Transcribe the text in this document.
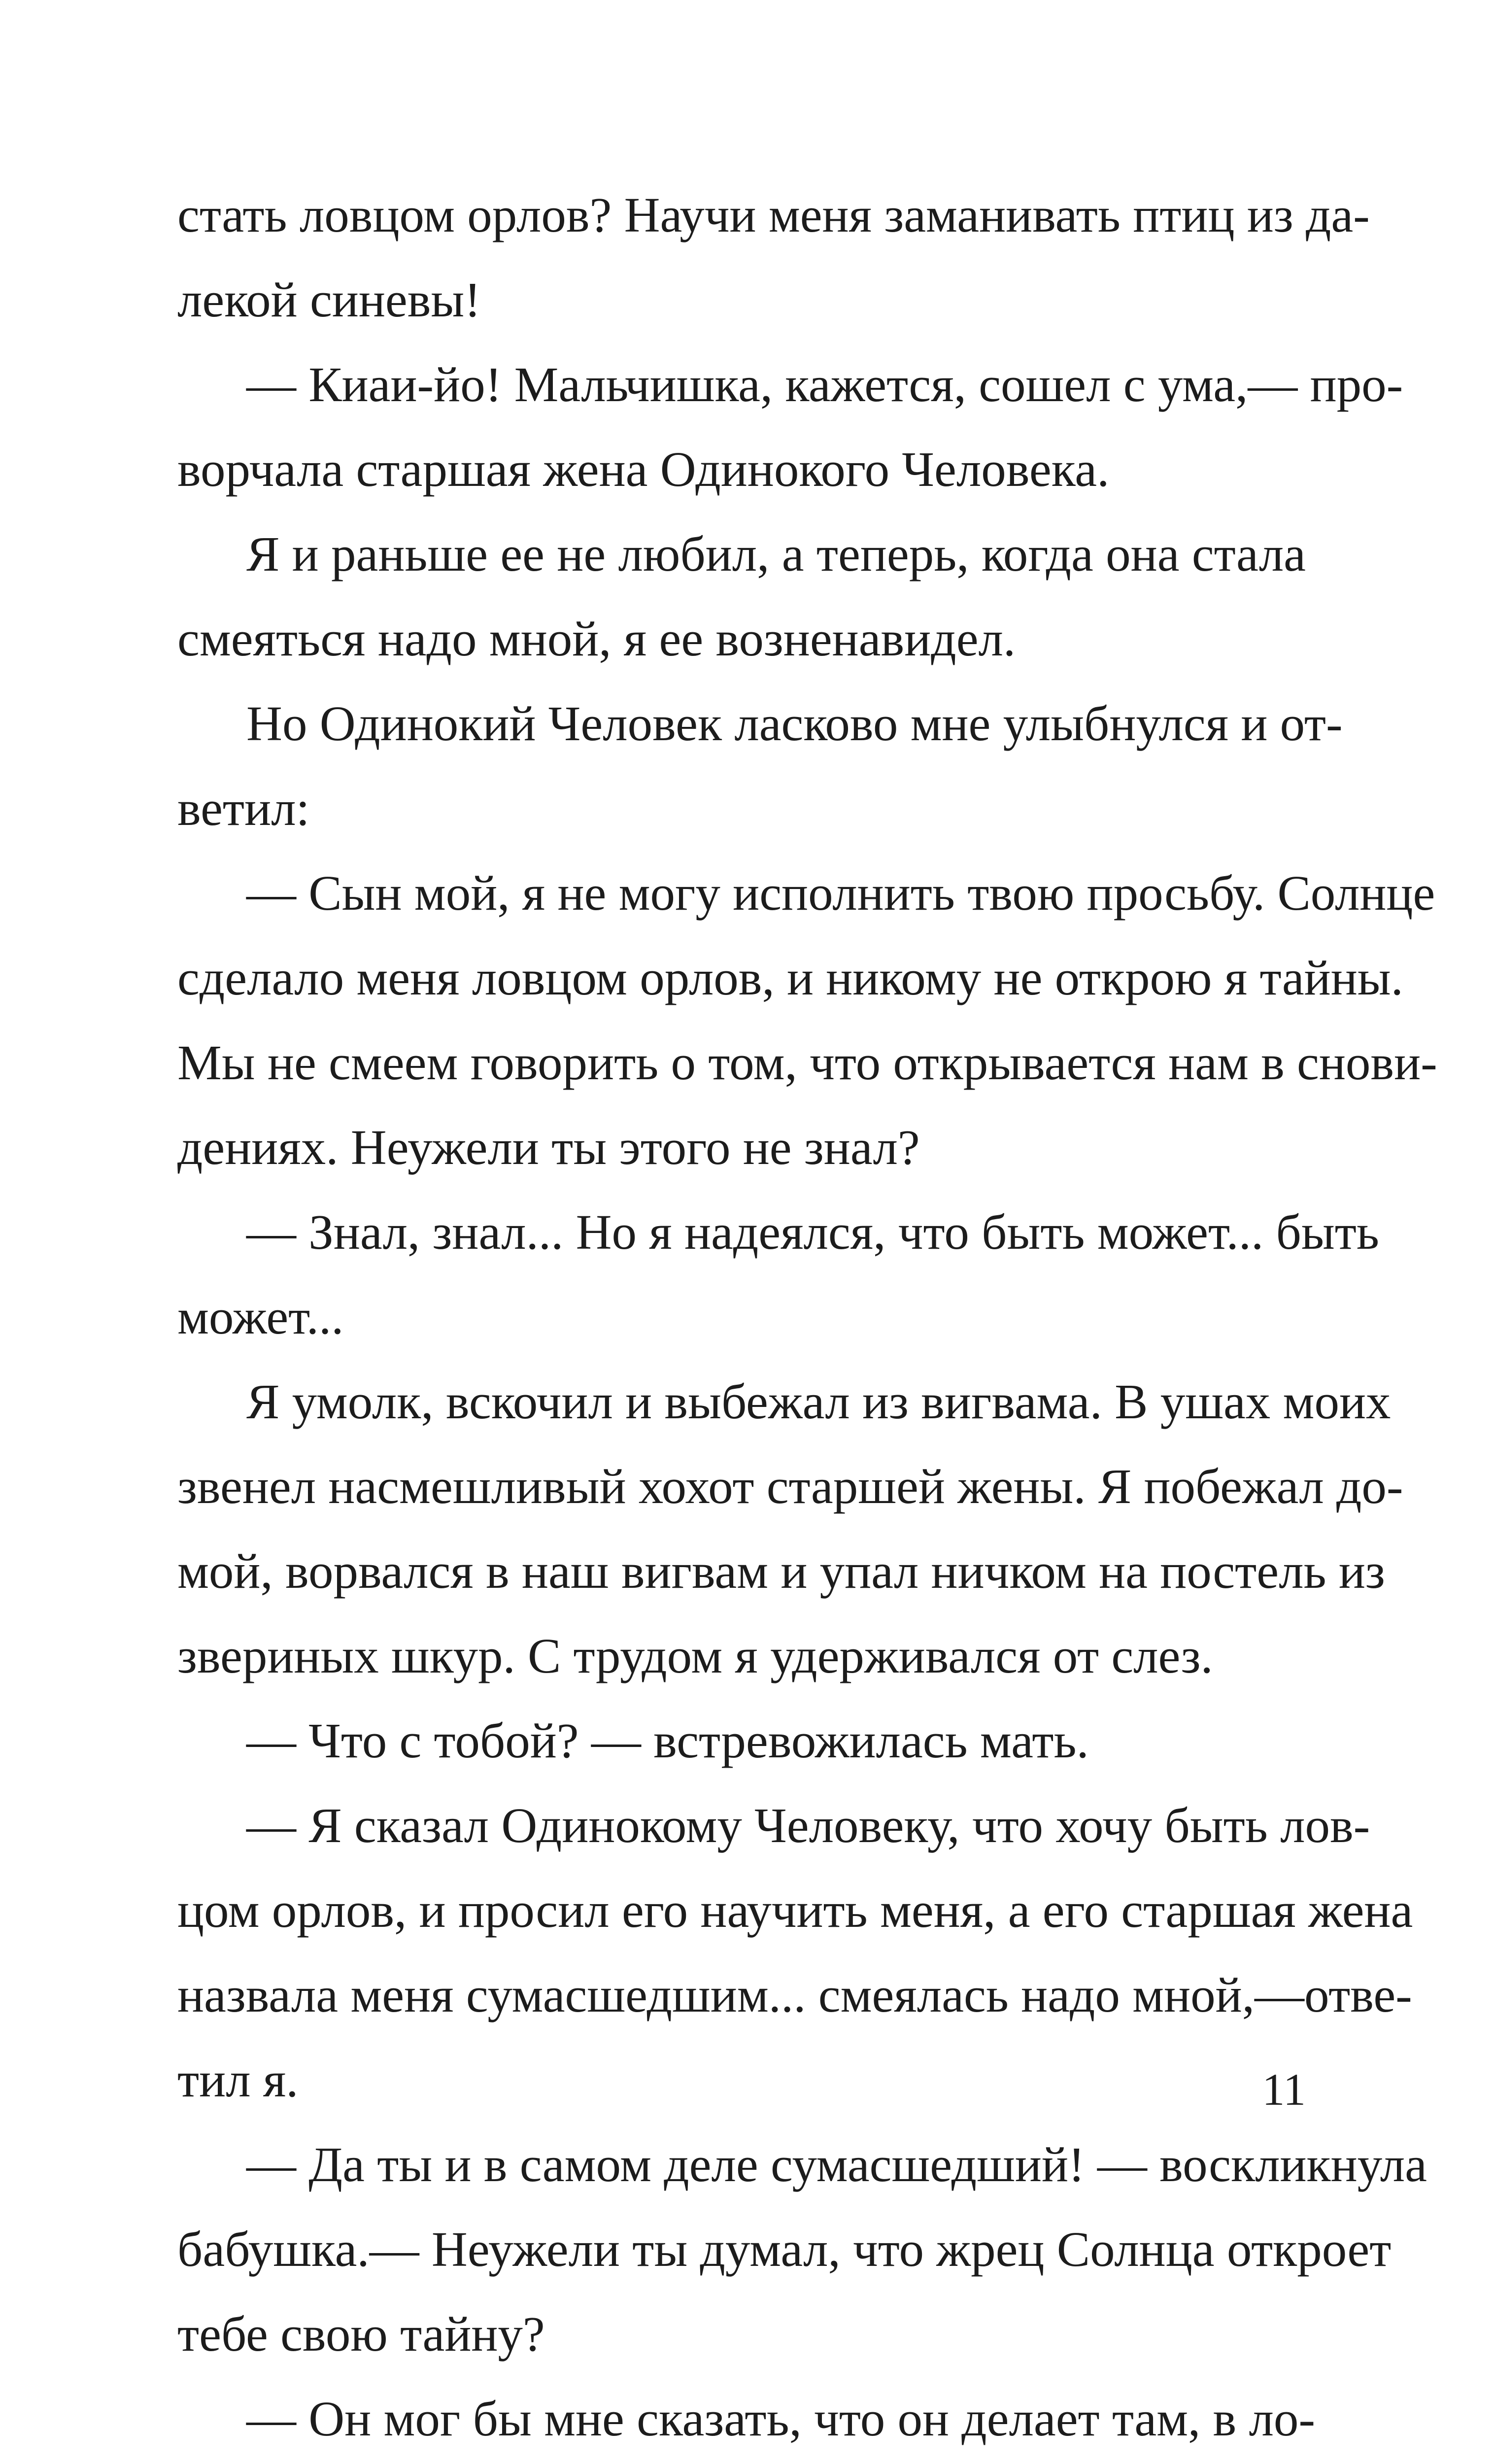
стать ловцом орлов? Научи меня заманивать птиц из да-
лекой синевы!
— Киаи-йо! Мальчишка, кажется, сошел с ума,— про-
ворчала старшая жена Одинокого Человека.
Я и раньше ее не любил, а теперь, когда она стала
смеяться надо мной, я ее возненавидел.
Но Одинокий Человек ласково мне улыбнулся и от-
ветил:
— Сын мой, я не могу исполнить твою просьбу. Солнце
сделало меня ловцом орлов, и никому не открою я тайны.
Мы не смеем говорить о том, что открывается нам в снови-
дениях. Неужели ты этого не знал?
— Знал, знал... Но я надеялся, что быть может... быть
может...
Я умолк, вскочил и выбежал из вигвама. В ушах моих
звенел насмешливый хохот старшей жены. Я побежал до-
мой, ворвался в наш вигвам и упал ничком на постель из
звериных шкур. С трудом я удерживался от слез.
— Что с тобой? — встревожилась мать.
— Я сказал Одинокому Человеку, что хочу быть лов-
цом орлов, и просил его научить меня, а его старшая жена
назвала меня сумасшедшим... смеялась надо мной,—отве-
тил я.
— Да ты и в самом деле сумасшедший! — воскликнула
бабушка.— Неужели ты думал, что жрец Солнца откроет
тебе свою тайну?
— Он мог бы мне сказать, что он делает там, в ло-
11
